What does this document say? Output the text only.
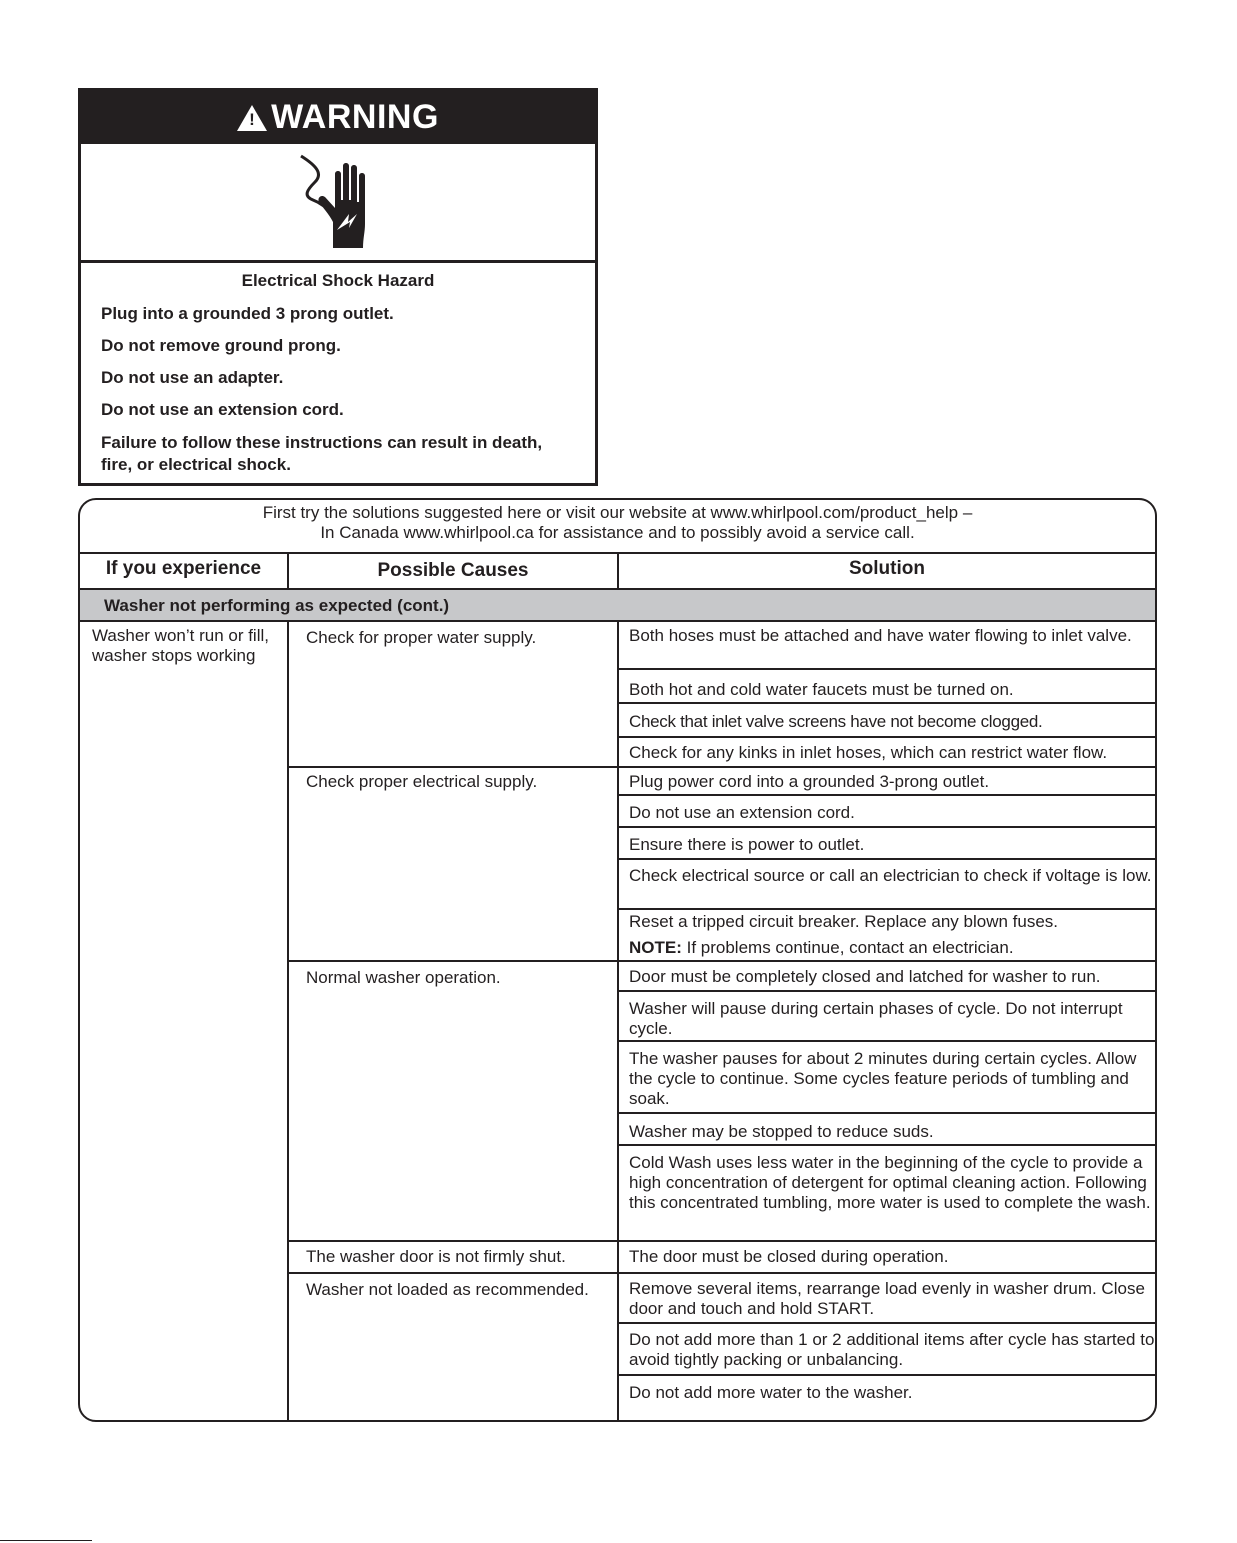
! WARNING
Electrical Shock Hazard
Plug into a grounded 3 prong outlet.
Do not remove ground prong.
Do not use an adapter.
Do not use an extension cord.
Failure to follow these instructions can result in death, fire, or electrical shock.
First try the solutions suggested here or visit our website at www.whirlpool.com/product_help –
In Canada www.whirlpool.ca for assistance and to possibly avoid a service call.
If you experience	Possible Causes	Solution
Washer not performing as expected (cont.)
Washer won’t run or fill, washer stops working
Check for proper water supply.
Check proper electrical supply.
Normal washer operation.
The washer door is not firmly shut.
Washer not loaded as recommended.
Both hoses must be attached and have water flowing to inlet valve.
Both hot and cold water faucets must be turned on.
Check that inlet valve screens have not become clogged.
Check for any kinks in inlet hoses, which can restrict water flow.
Plug power cord into a grounded 3-prong outlet.
Do not use an extension cord.
Ensure there is power to outlet.
Check electrical source or call an electrician to check if voltage is low.
Reset a tripped circuit breaker. Replace any blown fuses.
NOTE: If problems continue, contact an electrician.
Door must be completely closed and latched for washer to run.
Washer will pause during certain phases of cycle. Do not interrupt cycle.
The washer pauses for about 2 minutes during certain cycles. Allow the cycle to continue. Some cycles feature periods of tumbling and soak.
Washer may be stopped to reduce suds.
Cold Wash uses less water in the beginning of the cycle to provide a high concentration of detergent for optimal cleaning action. Following this concentrated tumbling, more water is used to complete the wash.
The door must be closed during operation.
Remove several items, rearrange load evenly in washer drum. Close door and touch and hold START.
Do not add more than 1 or 2 additional items after cycle has started to avoid tightly packing or unbalancing.
Do not add more water to the washer.
